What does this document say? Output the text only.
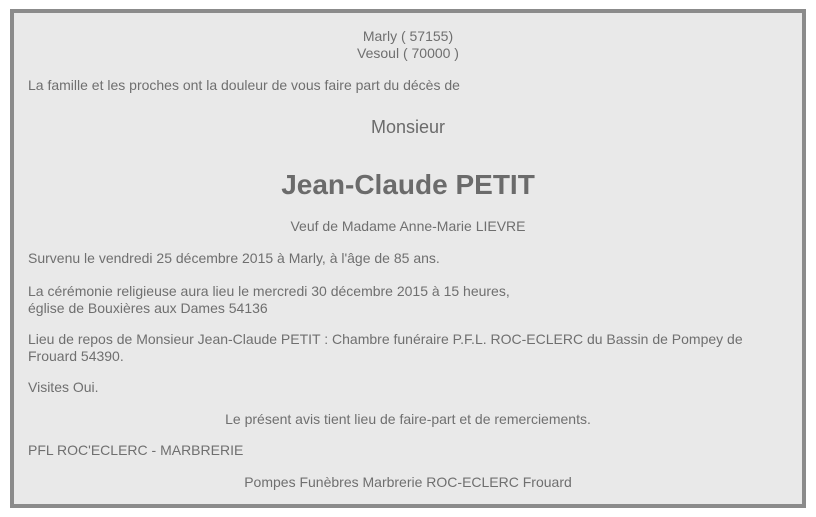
Marly ( 57155)

Vesoul ( 70000 )

La famille et les proches ont la douleur de vous faire part du décès de

Monsieur

Jean-Claude PETIT

Veuf de Madame Anne-Marie LIEVRE

Survenu le vendredi 25 décembre 2015 à Marly, à l'âge de 85 ans.

La cérémonie religieuse aura lieu le mercredi 30 décembre 2015 à 15 heures,

église de Bouxières aux Dames 54136

Lieu de repos de Monsieur Jean-Claude PETIT : Chambre funéraire P.F.L. ROC-ECLERC du Bassin de Pompey de

Frouard 54390.

Visites Oui.

Le présent avis tient lieu de faire-part et de remerciements.

PFL ROC'ECLERC - MARBRERIE

Pompes Funèbres Marbrerie ROC-ECLERC Frouard
